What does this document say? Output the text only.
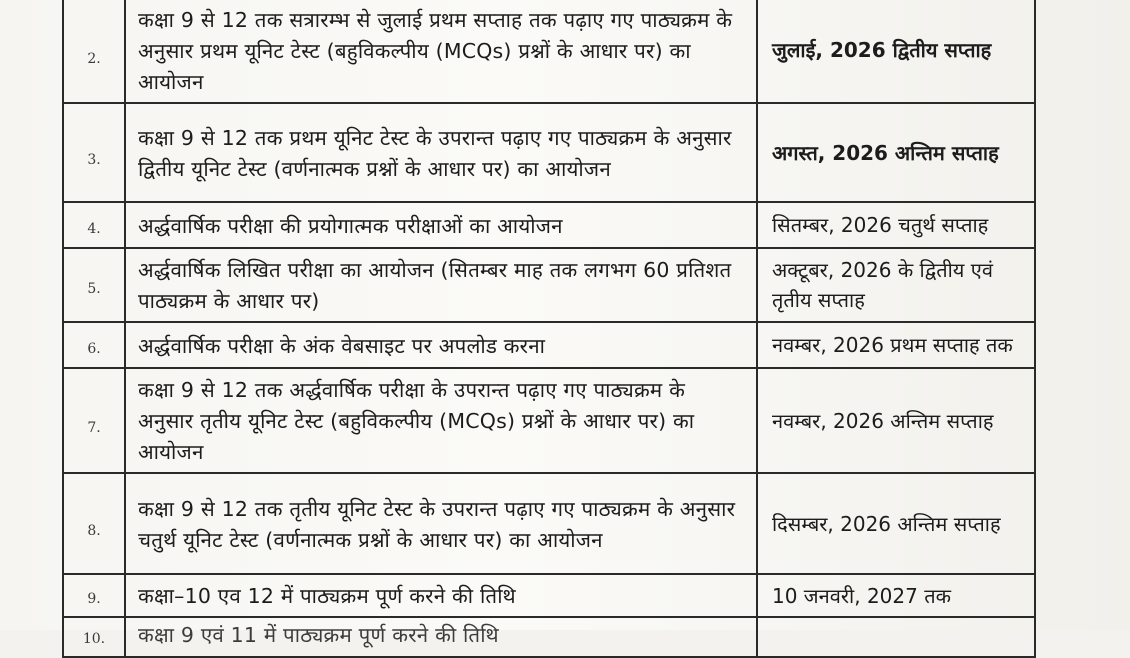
2.	कक्षा 9 से 12 तक सत्रारम्भ से जुलाई प्रथम सप्ताह तक पढ़ाए गए पाठ्यक्रम के अनुसार प्रथम यूनिट टेस्ट (बहुविकल्पीय (MCQs) प्रश्नों के आधार पर) का आयोजन	जुलाई, 2026 द्वितीय सप्ताह
3.	कक्षा 9 से 12 तक प्रथम यूनिट टेस्ट के उपरान्त पढ़ाए गए पाठ्यक्रम के अनुसार द्वितीय यूनिट टेस्ट (वर्णनात्मक प्रश्नों के आधार पर) का आयोजन	अगस्त, 2026 अन्तिम सप्ताह
4.	अर्द्धवार्षिक परीक्षा की प्रयोगात्मक परीक्षाओं का आयोजन	सितम्बर, 2026 चतुर्थ सप्ताह
5.	अर्द्धवार्षिक लिखित परीक्षा का आयोजन (सितम्बर माह तक लगभग 60 प्रतिशत पाठ्यक्रम के आधार पर)	अक्टूबर, 2026 के द्वितीय एवं तृतीय सप्ताह
6.	अर्द्धवार्षिक परीक्षा के अंक वेबसाइट पर अपलोड करना	नवम्बर, 2026 प्रथम सप्ताह तक
7.	कक्षा 9 से 12 तक अर्द्धवार्षिक परीक्षा के उपरान्त पढ़ाए गए पाठ्यक्रम के अनुसार तृतीय यूनिट टेस्ट (बहुविकल्पीय (MCQs) प्रश्नों के आधार पर) का आयोजन	नवम्बर, 2026 अन्तिम सप्ताह
8.	कक्षा 9 से 12 तक तृतीय यूनिट टेस्ट के उपरान्त पढ़ाए गए पाठ्यक्रम के अनुसार चतुर्थ यूनिट टेस्ट (वर्णनात्मक प्रश्नों के आधार पर) का आयोजन	दिसम्बर, 2026 अन्तिम सप्ताह
9.	कक्षा–10 एव 12 में पाठ्यक्रम पूर्ण करने की तिथि	10 जनवरी, 2027 तक
10.	कक्षा 9 एवं 11 में पाठ्यक्रम पूर्ण करने की तिथि	
